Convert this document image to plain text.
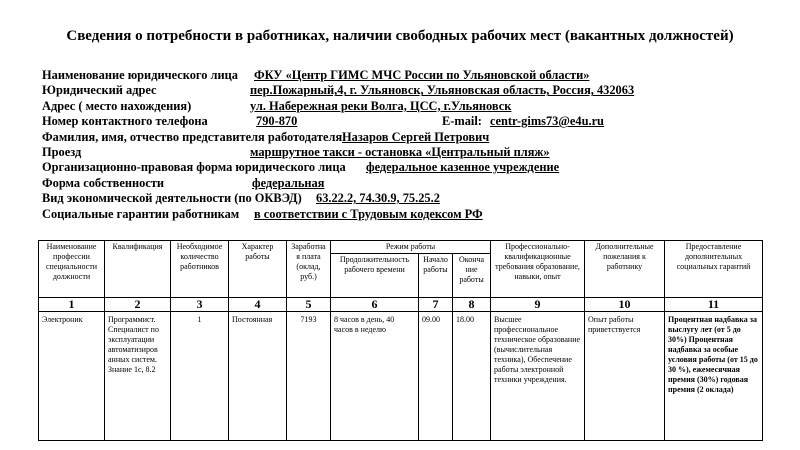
Сведения о потребности в работниках, наличии свободных рабочих мест (вакантных должностей)
Наименование юридического лица ФКУ «Центр ГИМС МЧС России по Ульяновской области»
Юридический адрес	пер.Пожарный,4, г. Ульяновск, Ульяновская область, Россия, 432063
Адрес ( место нахождения)	ул. Набережная реки Волга, ЦСС, г.Ульяновск
Номер контактного телефона	790-870	E-mail: centr-gims73@e4u.ru
Фамилия, имя, отчество представителя работодателя Назаров Сергей Петрович
Проезд	маршрутное такси - остановка «Центральный пляж»
Организационно-правовая форма юридического лица федеральное казенное учреждение
Форма собственности	федеральная
Вид экономической деятельности (по ОКВЭД) 63.22.2, 74.30.9, 75.25.2
Социальные гарантии работникам в соответствии с Трудовым кодексом РФ
Наименование профессии специальности должности	Квалификация	Необходимое количество работников	Характер работы	Заработна я плата (оклад, руб.)	Режим работы			Профессионально-квалификационные требования образование, навыки, опыт	Дополнительные пожелания к работнику	Предоставление дополнительных социальных гарантий
					Продолжительность рабочего времени	Начало работы	Оконча ние работы			
1	2	3	4	5	6	7	8	9	10	11
Электроник	Программист. Специалист по эксплуатации автоматизиров анных систем. Знание 1с, 8.2	1	Постоянная	7193	8 часов в день, 40 часов в неделю	09.00	18.00	Высшее профессиональное техническое образование (вычислительная техника), Обеспечение работы электронной техники учреждения.	Опыт работы приветствуется	Процентная надбавка за выслугу лет (от 5 до 30%) Процентная надбавка за особые условия работы (от 15 до 30 %), ежемесячная премия (30%) годовая премия (2 оклада)
